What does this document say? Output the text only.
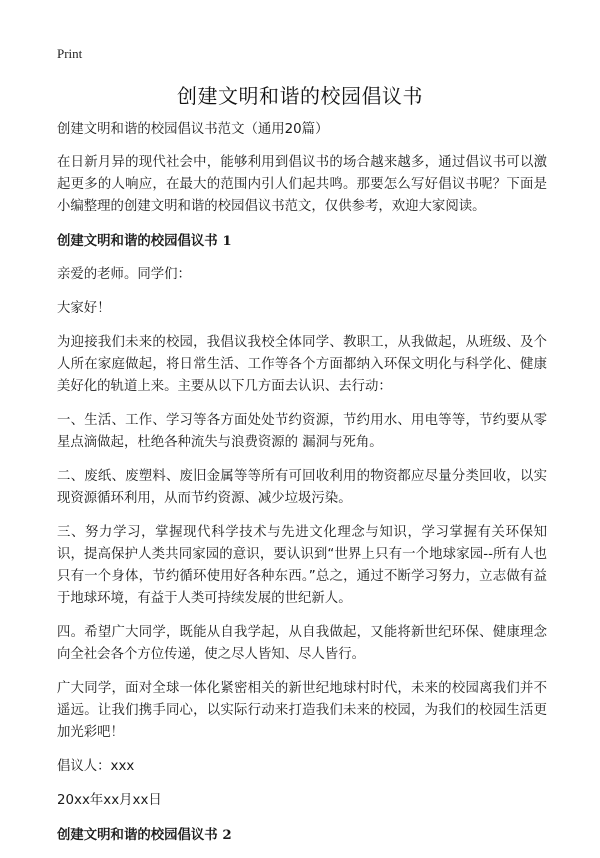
Print
创建文明和谐的校园倡议书

创建文明和谐的校园倡议书范文（通用20篇）

在日新月异的现代社会中，能够利用到倡议书的场合越来越多，通过倡议书可以激起更多的人响应，在最大的范围内引人们起共鸣。那要怎么写好倡议书呢？下面是小编整理的创建文明和谐的校园倡议书范文，仅供参考，欢迎大家阅读。

创建文明和谐的校园倡议书 1

亲爱的老师。同学们：

大家好！

为迎接我们未来的校园，我倡议我校全体同学、教职工，从我做起，从班级、及个人所在家庭做起，将日常生活、工作等各个方面都纳入环保文明化与科学化、健康美好化的轨道上来。主要从以下几方面去认识、去行动：

一、生活、工作、学习等各方面处处节约资源，节约用水、用电等等，节约要从零星点滴做起，杜绝各种流失与浪费资源的 漏洞与死角。

二、废纸、废塑料、废旧金属等等所有可回收利用的物资都应尽量分类回收，以实现资源循环利用，从而节约资源、减少垃圾污染。

三、努力学习，掌握现代科学技术与先进文化理念与知识，学习掌握有关环保知识，提高保护人类共同家园的意识，要认识到“世界上只有一个地球家园--所有人也只有一个身体，节约循环使用好各种东西。”总之，通过不断学习努力，立志做有益于地球环境，有益于人类可持续发展的世纪新人。

四。希望广大同学，既能从自我学起，从自我做起，又能将新世纪环保、健康理念向全社会各个方位传递，使之尽人皆知、尽人皆行。

广大同学，面对全球一体化紧密相关的新世纪地球村时代，未来的校园离我们并不遥远。让我们携手同心，以实际行动来打造我们未来的校园，为我们的校园生活更加光彩吧！

倡议人：xxx

20xx年xx月xx日

创建文明和谐的校园倡议书 2
